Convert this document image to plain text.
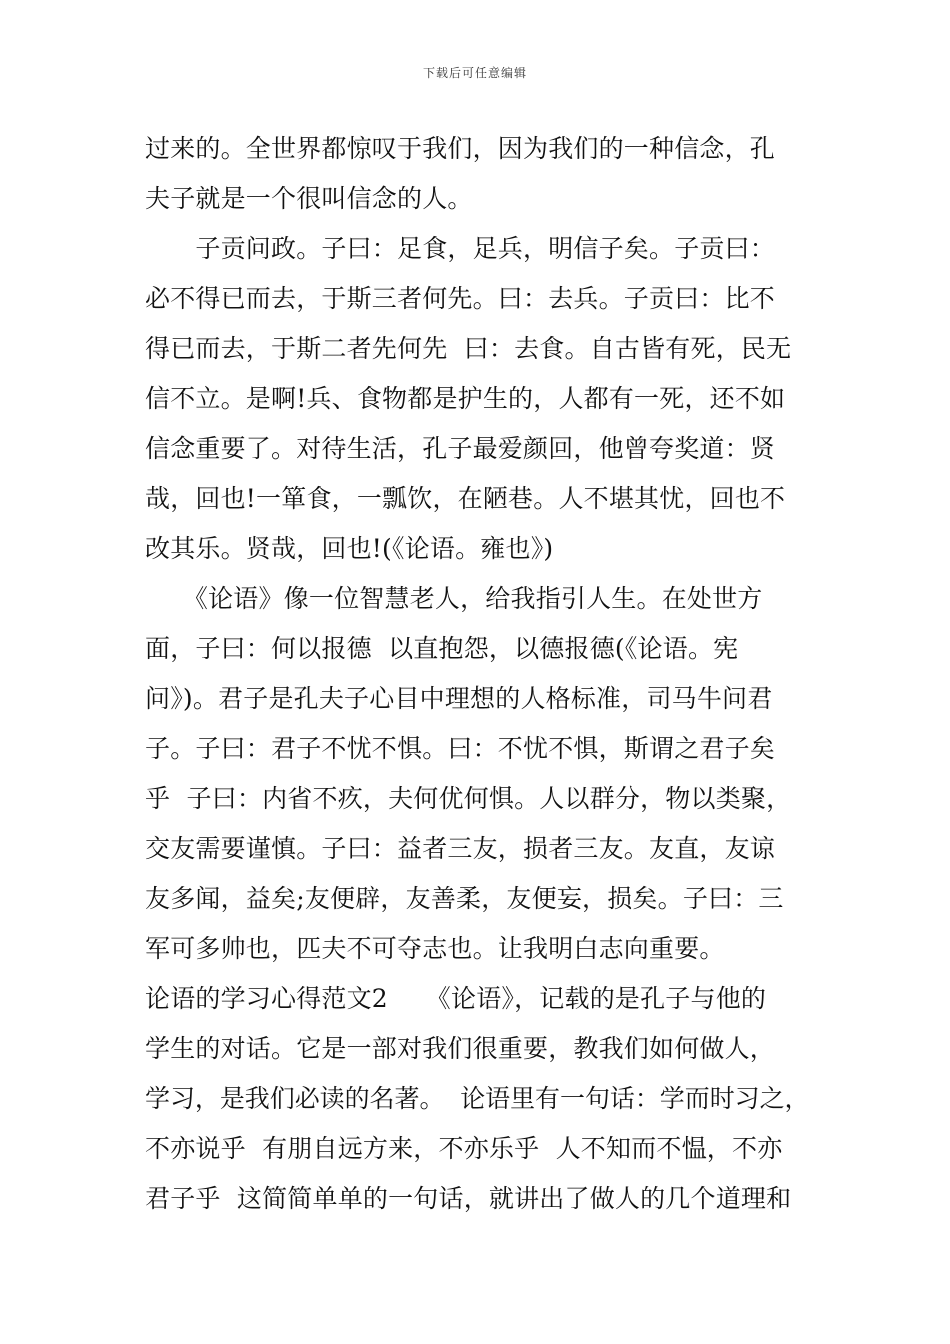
下载后可任意编辑
过来的。全世界都惊叹于我们，因为我们的一种信念，孔
夫子就是一个很叫信念的人。
　　子贡问政。子曰：足食，足兵，明信子矣。子贡曰：
必不得已而去，于斯三者何先。曰：去兵。子贡曰：比不
得已而去，于斯二者先何先  曰：去食。自古皆有死，民无
信不立。是啊!兵、食物都是护生的，人都有一死，还不如
信念重要了。对待生活，孔子最爱颜回，他曾夸奖道：贤
哉，回也!一箪食，一瓢饮，在陋巷。人不堪其忧，回也不
改其乐。贤哉，回也!(《论语。雍也》)
　　《论语》像一位智慧老人，给我指引人生。在处世方
面，子曰：何以报德  以直抱怨，以德报德(《论语。宪
问》)。君子是孔夫子心目中理想的人格标准，司马牛问君
子。子曰：君子不忧不惧。曰：不忧不惧，斯谓之君子矣
乎  子曰：内省不疚，夫何优何惧。人以群分，物以类聚，
交友需要谨慎。子曰：益者三友，损者三友。友直，友谅
友多闻，益矣;友便辟，友善柔，友便妄，损矣。子曰：三
军可多帅也，匹夫不可夺志也。让我明白志向重要。
论语的学习心得范文2　　《论语》，记载的是孔子与他的
学生的对话。它是一部对我们很重要，教我们如何做人，
学习，是我们必读的名著。  论语里有一句话：学而时习之，
不亦说乎  有朋自远方来，不亦乐乎  人不知而不愠，不亦
君子乎  这简简单单的一句话，就讲出了做人的几个道理和
